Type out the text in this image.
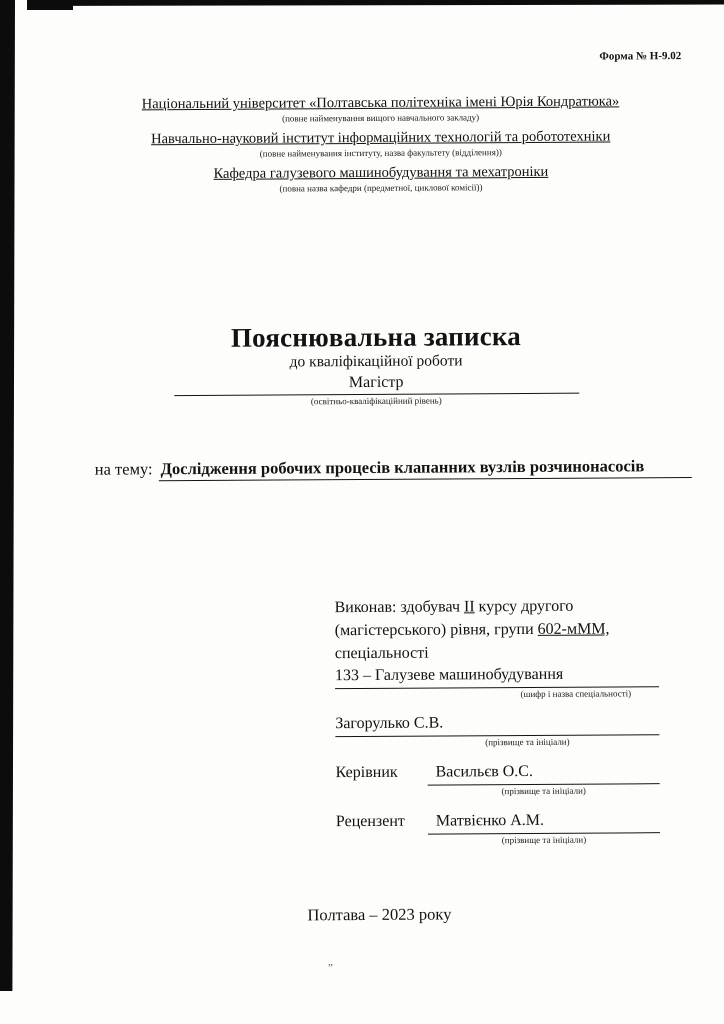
Форма № Н-9.02
Національний університет «Полтавська політехніка імені Юрія Кондратюка»
(повне найменування вищого навчального закладу)
Навчально-науковий інститут інформаційних технологій та робототехніки
(повне найменування інституту, назва факультету (відділення))
Кафедра галузевого машинобудування та мехатроніки
(повна назва кафедри (предметної, циклової комісії))
Пояснювальна записка
до кваліфікаційної роботи
Магістр
(освітньо-кваліфікаційний рівень)
на тему: Дослідження робочих процесів клапанних вузлів розчинонасосів

Виконав: здобувач ІІ курсу другого

(магістерського) рівня, групи 602-мММ,

спеціальності

133 – Галузеве машинобудування
(шифр і назва спеціальності)
Загорулько С.В.
(прізвище та ініціали)
Керівник	Васильєв О.С.
(прізвище та ініціали)
Рецензент	Матвієнко А.М.
(прізвище та ініціали)
Полтава – 2023 року
„
